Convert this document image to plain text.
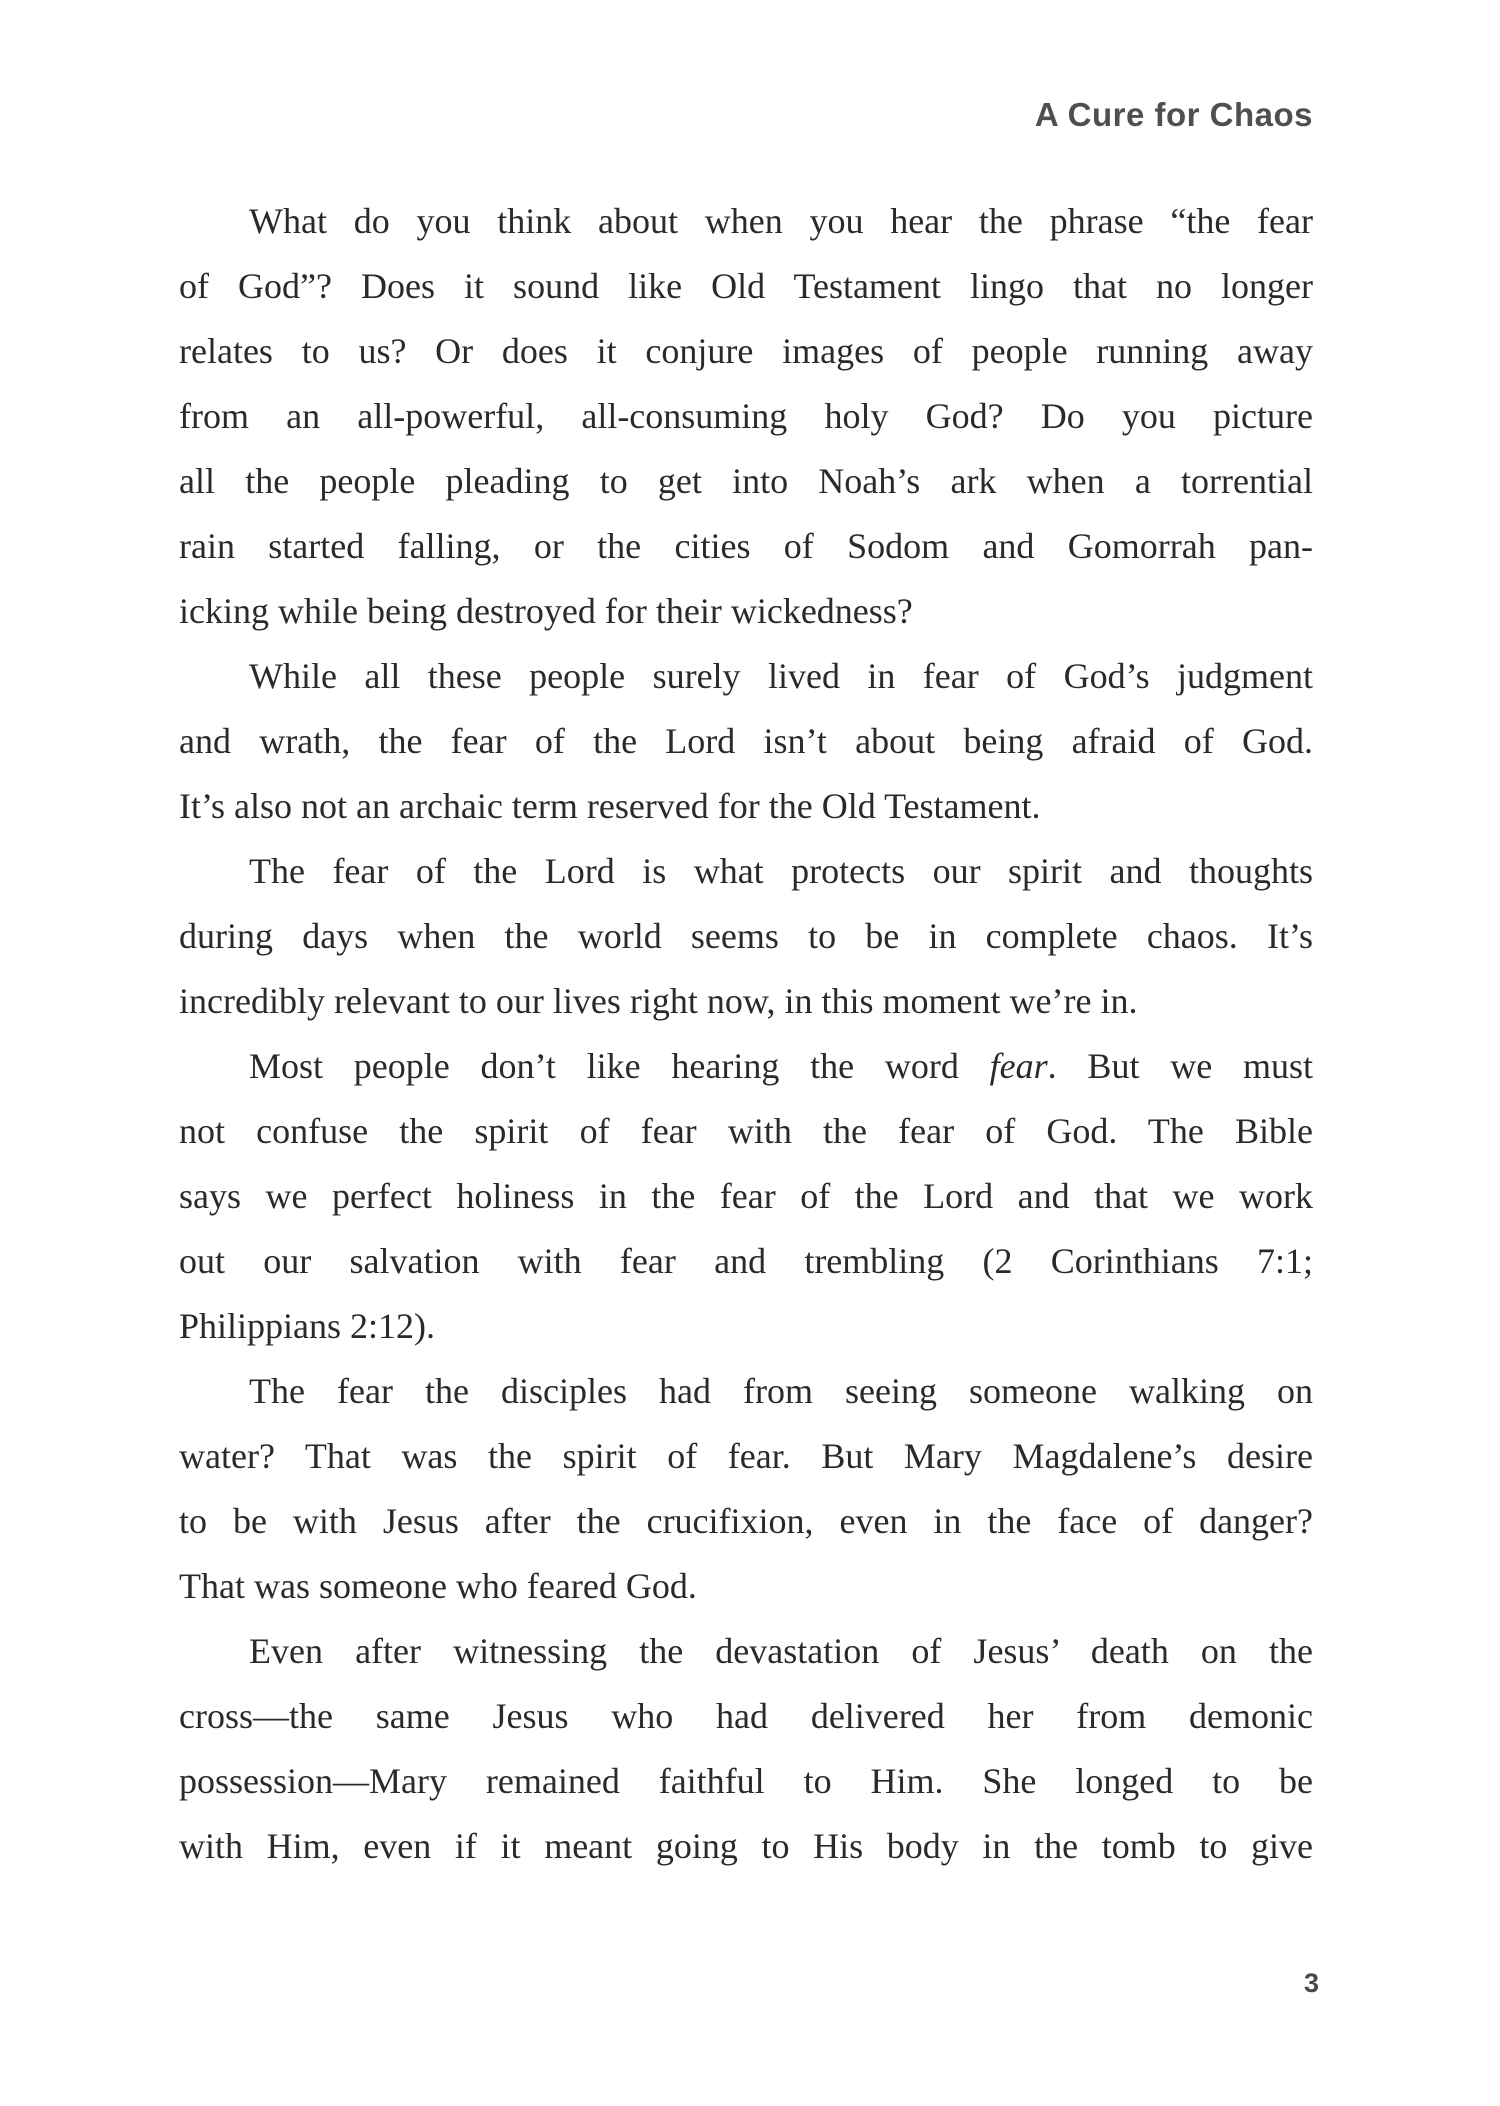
A Cure for Chaos
What do you think about when you hear the phrase “the fear
of God”? Does it sound like Old Testament lingo that no longer
relates to us? Or does it conjure images of people running away
from an all-powerful, all-consuming holy God? Do you picture
all the people pleading to get into Noah’s ark when a torrential
rain started falling, or the cities of Sodom and Gomorrah pan-
icking while being destroyed for their wickedness?
While all these people surely lived in fear of God’s judgment
and wrath, the fear of the Lord isn’t about being afraid of God.
It’s also not an archaic term reserved for the Old Testament.
The fear of the Lord is what protects our spirit and thoughts
during days when the world seems to be in complete chaos. It’s
incredibly relevant to our lives right now, in this moment we’re in.
Most people don’t like hearing the word fear. But we must
not confuse the spirit of fear with the fear of God. The Bible
says we perfect holiness in the fear of the Lord and that we work
out our salvation with fear and trembling (2 Corinthians 7:1;
Philippians 2:12).
The fear the disciples had from seeing someone walking on
water? That was the spirit of fear. But Mary Magdalene’s desire
to be with Jesus after the crucifixion, even in the face of danger?
That was someone who feared God.
Even after witnessing the devastation of Jesus’ death on the
cross—the same Jesus who had delivered her from demonic
possession—Mary remained faithful to Him. She longed to be
with Him, even if it meant going to His body in the tomb to give
3
